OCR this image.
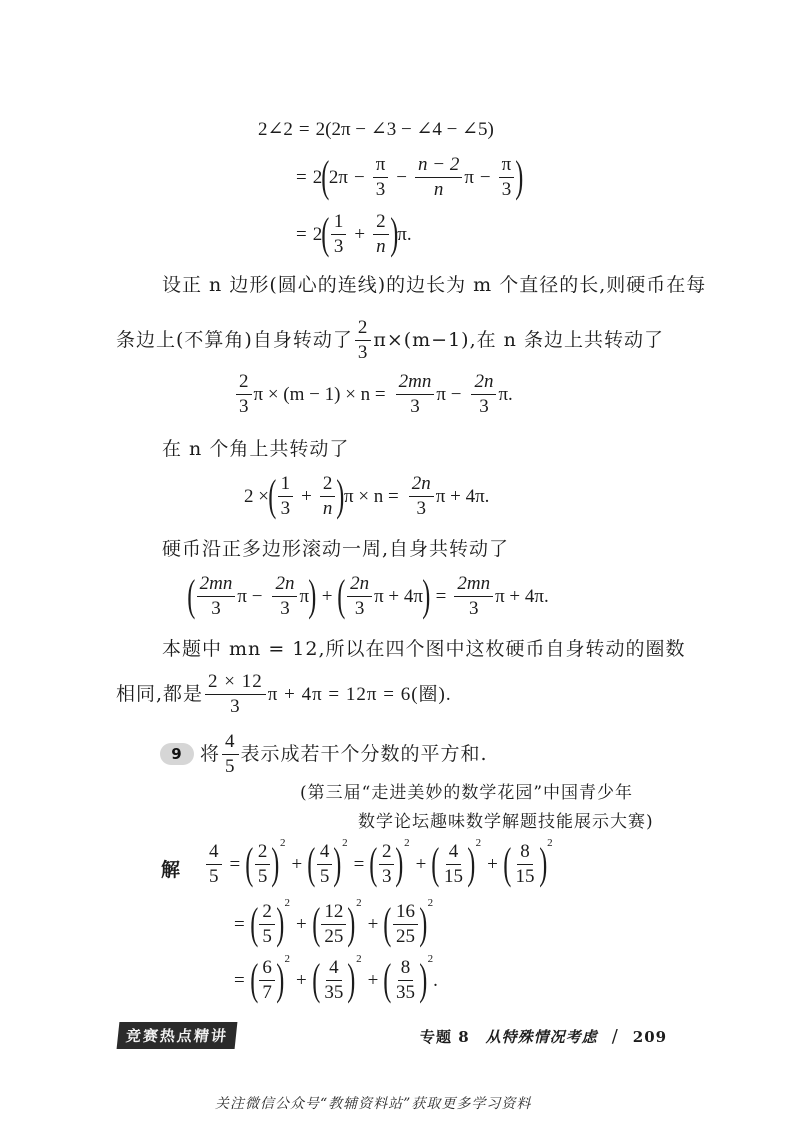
2∠2 = 2(2π − ∠3 − ∠4 − ∠5)
= 2 ( $2\pi - \frac{\pi}{3} - \frac{n - 2}{n}$ $\pi - \frac{\pi}{3}$ )
= 2 ( $\frac{1}{3} + \frac{2}{n}$ ) π.
设正 n 边形(圆心的连线)的边长为 m 个直径的长,则硬币在每
条边上(不算角)自身转动了 $\frac{2}{3} \pi\times(m-1)$,在 n 条边上共转动了
$\frac{2}{3}$ $\pi \times (m - 1) \times n = \frac{2mn}{3}$ $\pi - \frac{2n}{3} \pi$.
在 n 个角上共转动了
2 × ( $\frac{1}{3} + \frac{2}{n}$ ) $\pi \times n = \frac{2n}{3}$ π + 4π.
硬币沿正多边形滚动一周,自身共转动了
( $\frac{2mn}{3}$ $\pi - \frac{2n}{3}$ π ) + ( $\frac{2n}{3}$ π + 4π ) = $\frac{2mn}{3}$ π + 4π.
本题中 mn = 12,所以在四个图中这枚硬币自身转动的圈数
相同,都是 $\frac{2 \times 12}{3}$ π + 4π = 12π = 6(圈).
9 将 $\frac{4}{5}$ 表示成若干个分数的平方和.
(第三届“走进美妙的数学花园”中国青少年
数学论坛趣味数学解题技能展示大赛)
解 $\frac{4}{5}$ = ( $\frac{2}{5}$ ) 2
+ ( $\frac{4}{5}$ ) 2
= ( $\frac{2}{3}$ ) 2
+ ( $\frac{4}{15}$ ) 2
+ ( $\frac{8}{15}$ ) 2
= ( $\frac{2}{5}$ ) 2
+ ( $\frac{12}{25}$ ) 2
+ ( $\frac{16}{25}$ ) 2
= ( $\frac{6}{7}$ ) 2
+ ( $\frac{4}{35}$ ) 2
+ ( $\frac{8}{35}$ ) 2
.
竞赛热点精讲	专题 8 从特殊情况考虑 / 209
关注微信公众号“教辅资料站”获取更多学习资料
